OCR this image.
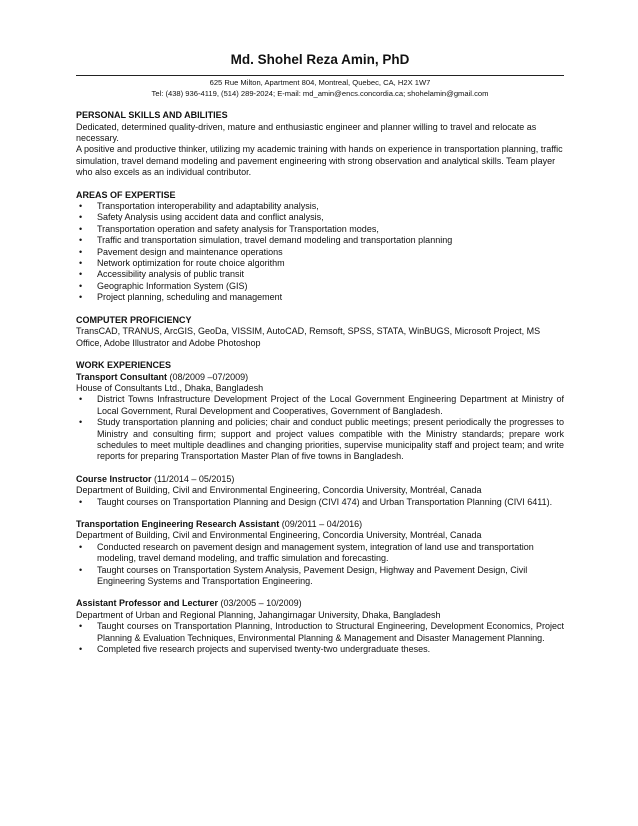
Md. Shohel Reza Amin, PhD

625 Rue Milton, Apartment 804, Montreal, Quebec, CA, H2X 1W7

Tel: (438) 936-4119, (514) 289-2024; E-mail: md_amin@encs.concordia.ca; shohelamin@gmail.com

PERSONAL SKILLS AND ABILITIES

Dedicated, determined quality-driven, mature and enthusiastic engineer and planner willing to travel and relocate as necessary.

A positive and productive thinker, utilizing my academic training with hands on experience in transportation planning, traffic simulation, travel demand modeling and pavement engineering with strong observation and analytical skills. Team player who also excels as an individual contributor.

AREAS OF EXPERTISE

• Transportation interoperability and adaptability analysis,
• Safety Analysis using accident data and conflict analysis,
• Transportation operation and safety analysis for Transportation modes,
• Traffic and transportation simulation, travel demand modeling and transportation planning
• Pavement design and maintenance operations
• Network optimization for route choice algorithm
• Accessibility analysis of public transit
• Geographic Information System (GIS)
• Project planning, scheduling and management

COMPUTER PROFICIENCY

TransCAD, TRANUS, ArcGIS, GeoDa, VISSIM, AutoCAD, Remsoft, SPSS, STATA, WinBUGS, Microsoft Project, MS Office, Adobe Illustrator and Adobe Photoshop

WORK EXPERIENCES

Transport Consultant (08/2009 –07/2009)

House of Consultants Ltd., Dhaka, Bangladesh

• District Towns Infrastructure Development Project of the Local Government Engineering Department at Ministry of Local Government, Rural Development and Cooperatives, Government of Bangladesh.
• Study transportation planning and policies; chair and conduct public meetings; present periodically the progresses to Ministry and consulting firm; support and project values compatible with the Ministry standards; prepare work schedules to meet multiple deadlines and changing priorities, supervise municipality staff and project team; and write reports for preparing Transportation Master Plan of five towns in Bangladesh.

Course Instructor (11/2014 – 05/2015)

Department of Building, Civil and Environmental Engineering, Concordia University, Montréal, Canada

• Taught courses on Transportation Planning and Design (CIVI 474) and Urban Transportation Planning (CIVI 6411).

Transportation Engineering Research Assistant (09/2011 – 04/2016)

Department of Building, Civil and Environmental Engineering, Concordia University, Montréal, Canada

• Conducted research on pavement design and management system, integration of land use and transportation modeling, travel demand modeling, and traffic simulation and forecasting.
• Taught courses on Transportation System Analysis, Pavement Design, Highway and Pavement Design, Civil Engineering Systems and Transportation Engineering.

Assistant Professor and Lecturer (03/2005 – 10/2009)

Department of Urban and Regional Planning, Jahangirnagar University, Dhaka, Bangladesh

• Taught courses on Transportation Planning, Introduction to Structural Engineering, Development Economics, Project Planning & Evaluation Techniques, Environmental Planning & Management and Disaster Management Planning.
• Completed five research projects and supervised twenty-two undergraduate theses.
